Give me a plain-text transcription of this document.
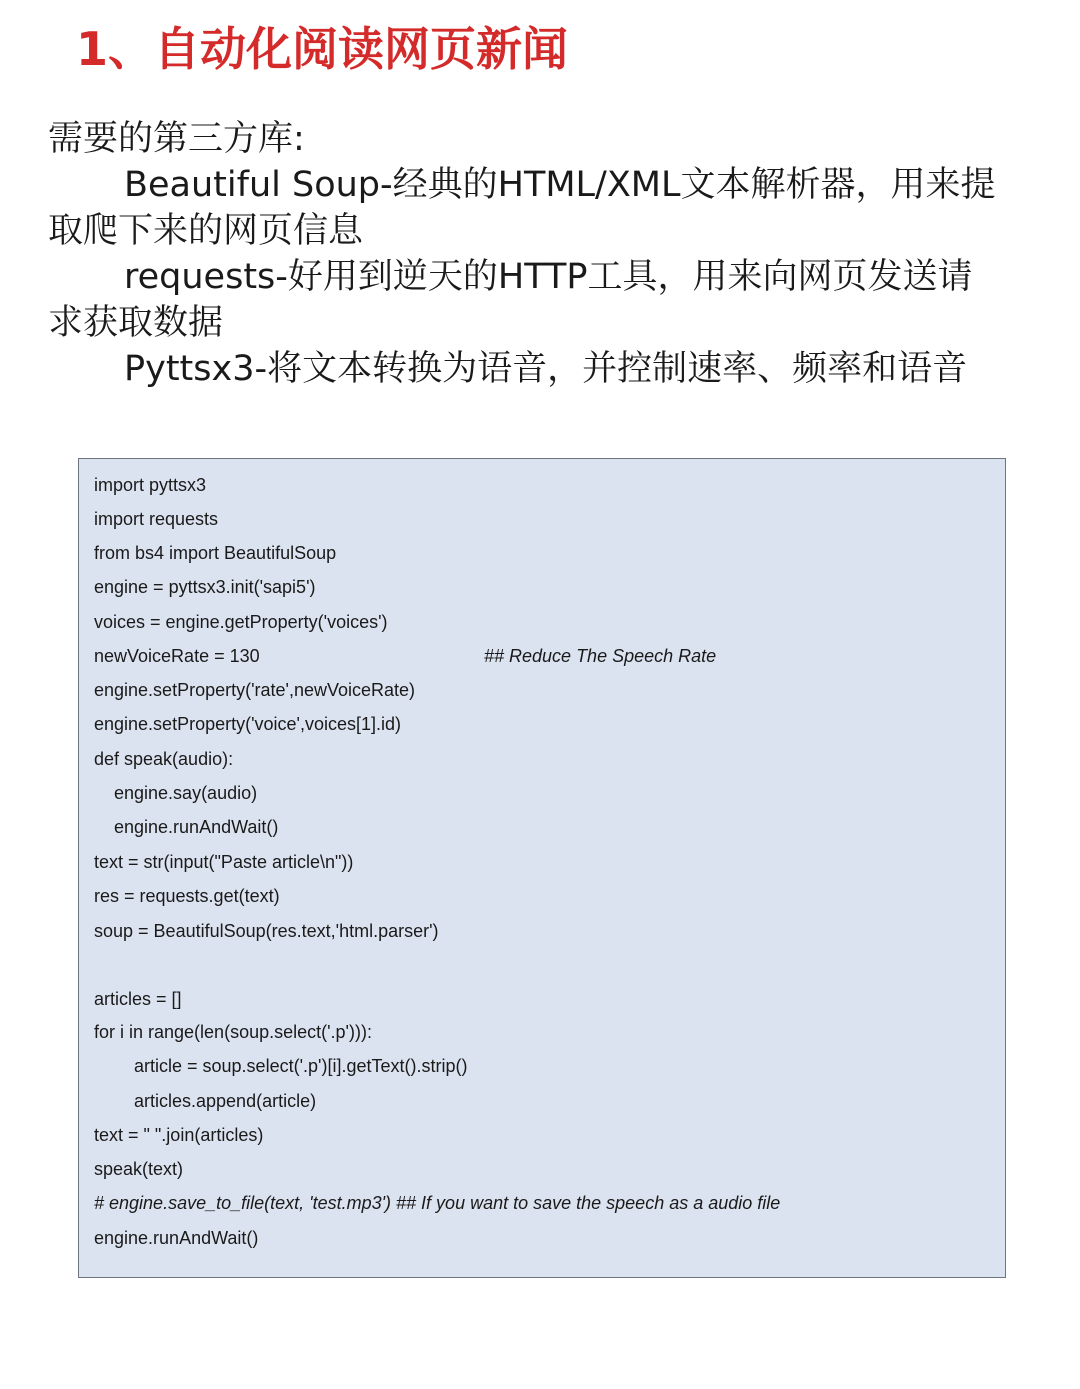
1、自动化阅读网页新闻
需要的第三方库:
Beautiful Soup-经典的HTML/XML文本解析器，用来提
取爬下来的网页信息
requests-好用到逆天的HTTP工具，用来向网页发送请
求获取数据
Pyttsx3-将文本转换为语音，并控制速率、频率和语音
import pyttsx3
import requests
from bs4 import BeautifulSoup
engine = pyttsx3.init('sapi5')
voices = engine.getProperty('voices')
newVoiceRate = 130	## Reduce The Speech Rate
engine.setProperty('rate',newVoiceRate)
engine.setProperty('voice',voices[1].id)
def speak(audio):
engine.say(audio)
engine.runAndWait()
text = str(input("Paste article\n"))
res = requests.get(text)
soup = BeautifulSoup(res.text,'html.parser')
articles = []
for i in range(len(soup.select('.p'))):
article = soup.select('.p')[i].getText().strip()
articles.append(article)
text = " ".join(articles)
speak(text)
# engine.save_to_file(text, 'test.mp3') ## If you want to save the speech as a audio file
engine.runAndWait()
